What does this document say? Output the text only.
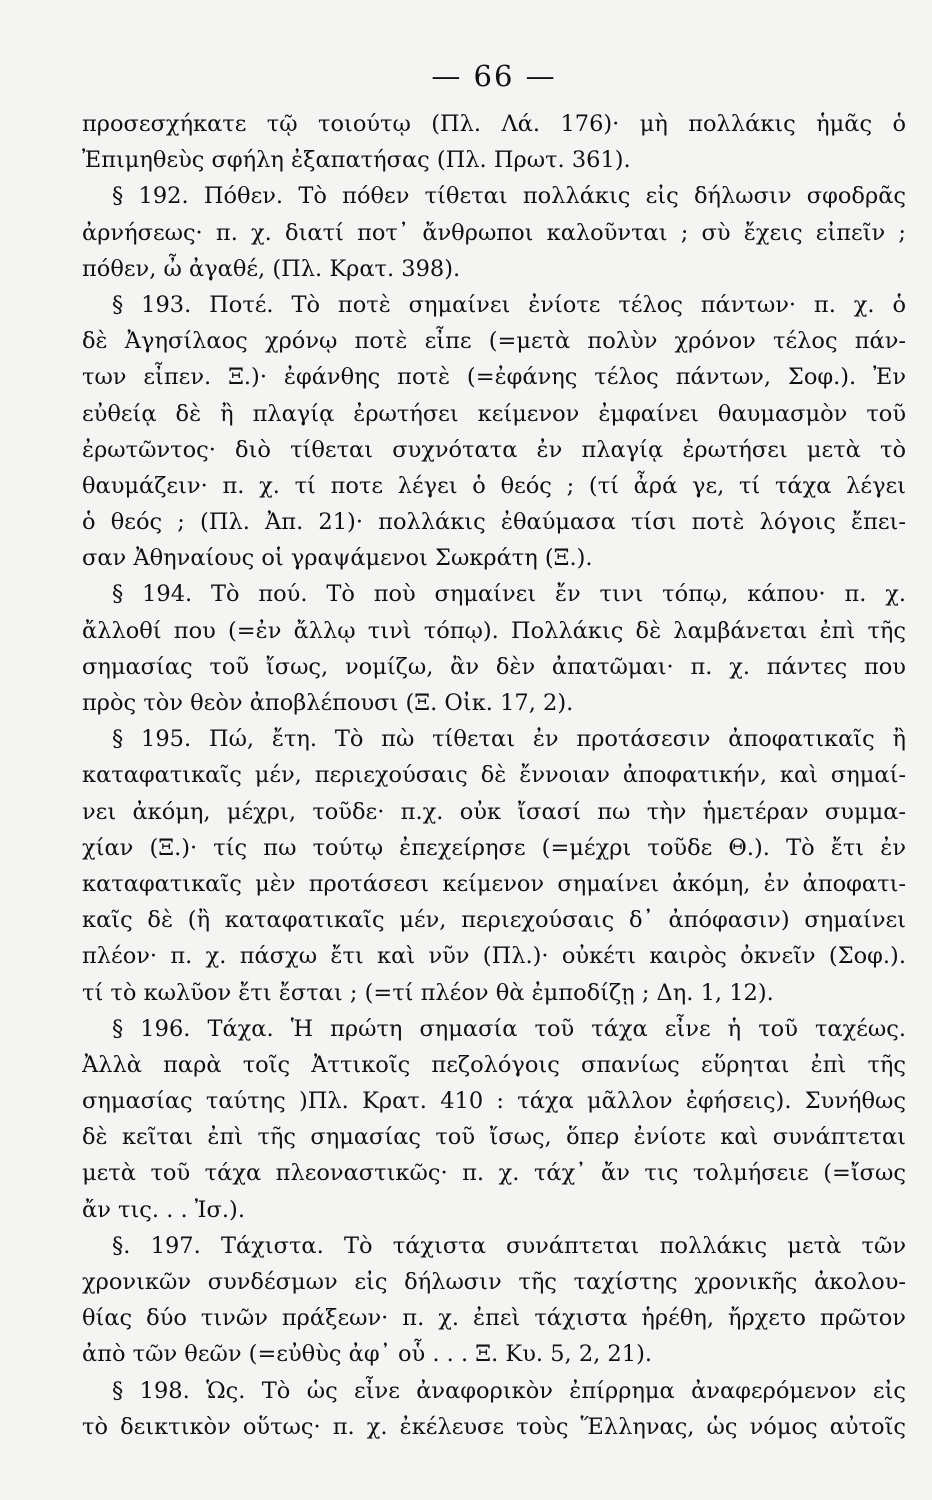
— 66 —
προσεσχήκατε τῷ τοιούτῳ (Πλ. Λά. 176)· μὴ πολλάκις ἡμᾶς ὁ
Ἐπιμηθεὺς σφήλη ἐξαπατήσας (Πλ. Πρωτ. 361).
§ 192. Πόθεν. Τὸ πόθεν τίθεται πολλάκις εἰς δήλωσιν σφοδρᾶς
ἀρνήσεως· π. χ. διατί ποτ᾿ ἄνθρωποι καλοῦνται ; σὺ ἔχεις εἰπεῖν ;
πόθεν, ὦ ἀγαθέ, (Πλ. Κρατ. 398).
§ 193. Ποτέ. Τὸ ποτὲ σημαίνει ἐνίοτε τέλος πάντων· π. χ. ὁ
δὲ Ἀγησίλαος χρόνῳ ποτὲ εἶπε (=μετὰ πολὺν χρόνον τέλος πάν-
των εἶπεν. Ξ.)· ἐφάνθης ποτὲ (=ἐφάνης τέλος πάντων, Σοφ.). Ἐν
εὐθείᾳ δὲ ἢ πλαγίᾳ ἐρωτήσει κείμενον ἐμφαίνει θαυμασμὸν τοῦ
ἐρωτῶντος· διὸ τίθεται συχνότατα ἐν πλαγίᾳ ἐρωτήσει μετὰ τὸ
θαυμάζειν· π. χ. τί ποτε λέγει ὁ θεός ; (τί ἆρά γε, τί τάχα λέγει
ὁ θεός ; (Πλ. Ἀπ. 21)· πολλάκις ἐθαύμασα τίσι ποτὲ λόγοις ἔπει-
σαν Ἀθηναίους οἱ γραψάμενοι Σωκράτη (Ξ.).
§ 194. Τὸ πού. Τὸ ποὺ σημαίνει ἔν τινι τόπῳ, κάπου· π. χ.
ἄλλοθί που (=ἐν ἄλλῳ τινὶ τόπῳ). Πολλάκις δὲ λαμβάνεται ἐπὶ τῆς
σημασίας τοῦ ἴσως, νομίζω, ἂν δὲν ἀπατῶμαι· π. χ. πάντες που
πρὸς τὸν θεὸν ἀποβλέπουσι (Ξ. Οἰκ. 17, 2).
§ 195. Πώ, ἔτη. Τὸ πὼ τίθεται ἐν προτάσεσιν ἀποφατικαῖς ἢ
καταφατικαῖς μέν, περιεχούσαις δὲ ἔννοιαν ἀποφατικήν, καὶ σημαί-
νει ἀκόμη, μέχρι, τοῦδε· π.χ. οὐκ ἴσασί πω τὴν ἡμετέραν συμμα-
χίαν (Ξ.)· τίς πω τούτῳ ἐπεχείρησε (=μέχρι τοῦδε Θ.). Τὸ ἔτι ἐν
καταφατικαῖς μὲν προτάσεσι κείμενον σημαίνει ἀκόμη, ἐν ἀποφατι-
καῖς δὲ (ἢ καταφατικαῖς μέν, περιεχούσαις δ᾿ ἀπόφασιν) σημαίνει
πλέον· π. χ. πάσχω ἔτι καὶ νῦν (Πλ.)· οὐκέτι καιρὸς ὀκνεῖν (Σοφ.).
τί τὸ κωλῦον ἔτι ἔσται ; (=τί πλέον θὰ ἐμποδίζῃ ; Δη. 1, 12).
§ 196. Τάχα. Ἡ πρώτη σημασία τοῦ τάχα εἶνε ἡ τοῦ ταχέως.
Ἀλλὰ παρὰ τοῖς Ἀττικοῖς πεζολόγοις σπανίως εὕρηται ἐπὶ τῆς
σημασίας ταύτης )Πλ. Κρατ. 410 : τάχα μᾶλλον ἐφήσεις). Συνήθως
δὲ κεῖται ἐπὶ τῆς σημασίας τοῦ ἴσως, ὅπερ ἐνίοτε καὶ συνάπτεται
μετὰ τοῦ τάχα πλεοναστικῶς· π. χ. τάχ᾿ ἄν τις τολμήσειε (=ἴσως
ἄν τις. . . Ἰσ.).
§. 197. Τάχιστα. Τὸ τάχιστα συνάπτεται πολλάκις μετὰ τῶν
χρονικῶν συνδέσμων εἰς δήλωσιν τῆς ταχίστης χρονικῆς ἀκολου-
θίας δύο τινῶν πράξεων· π. χ. ἐπεὶ τάχιστα ἡρέθη, ἤρχετο πρῶτον
ἀπὸ τῶν θεῶν (=εὐθὺς ἀφ᾿ οὗ . . . Ξ. Κυ. 5, 2, 21).
§ 198. Ὡς. Τὸ ὡς εἶνε ἀναφορικὸν ἐπίρρημα ἀναφερόμενον εἰς
τὸ δεικτικὸν οὕτως· π. χ. ἐκέλευσε τοὺς Ἕλληνας, ὡς νόμος αὐτοῖς
